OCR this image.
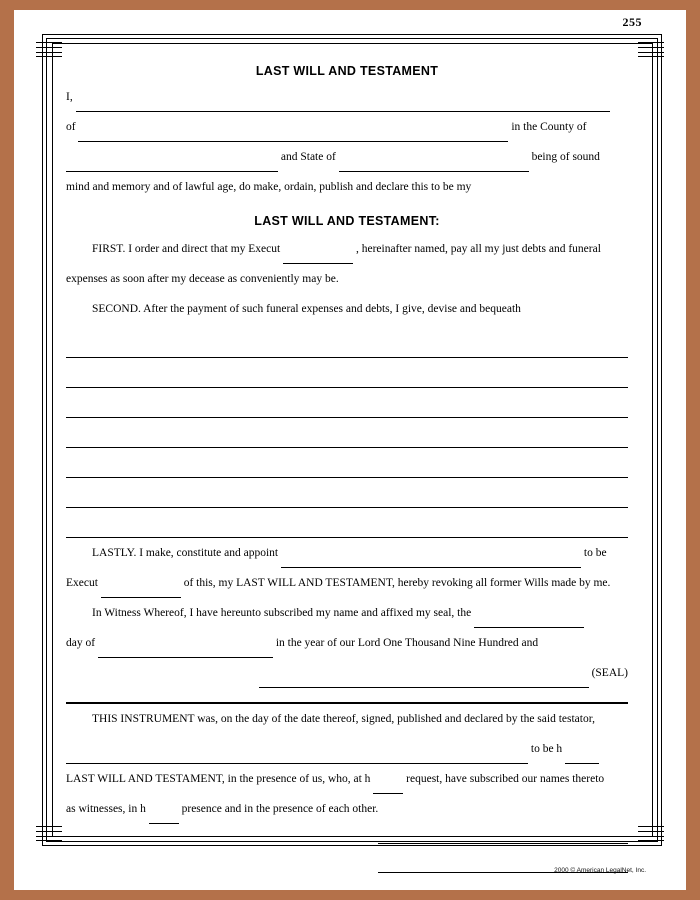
255
LAST WILL AND TESTAMENT
I,
of	in the County of
and State of	being of sound

mind and memory and of lawful age, do make, ordain, publish and declare this to be my

LAST WILL AND TESTAMENT:
FIRST. I order and direct that my Execut	, hereinafter named, pay all my just debts and funeral

expenses as soon after my decease as conveniently may be.

SECOND. After the payment of such funeral expenses and debts, I give, devise and bequeath

LASTLY. I make, constitute and appoint	to be
Execut	of this, my LAST WILL AND TESTAMENT, hereby revoking all former Wills made by me.
In Witness Whereof, I have hereunto subscribed my name and affixed my seal, the
day of	in the year of our Lord One Thousand Nine Hundred and
(SEAL)

THIS INSTRUMENT was, on the day of the date thereof, signed, published and declared by the said testator,

to be h
LAST WILL AND TESTAMENT, in the presence of us, who, at h	request, have subscribed our names thereto
as witnesses, in h	presence and in the presence of each other.
2000 © American LegalNet, Inc.
